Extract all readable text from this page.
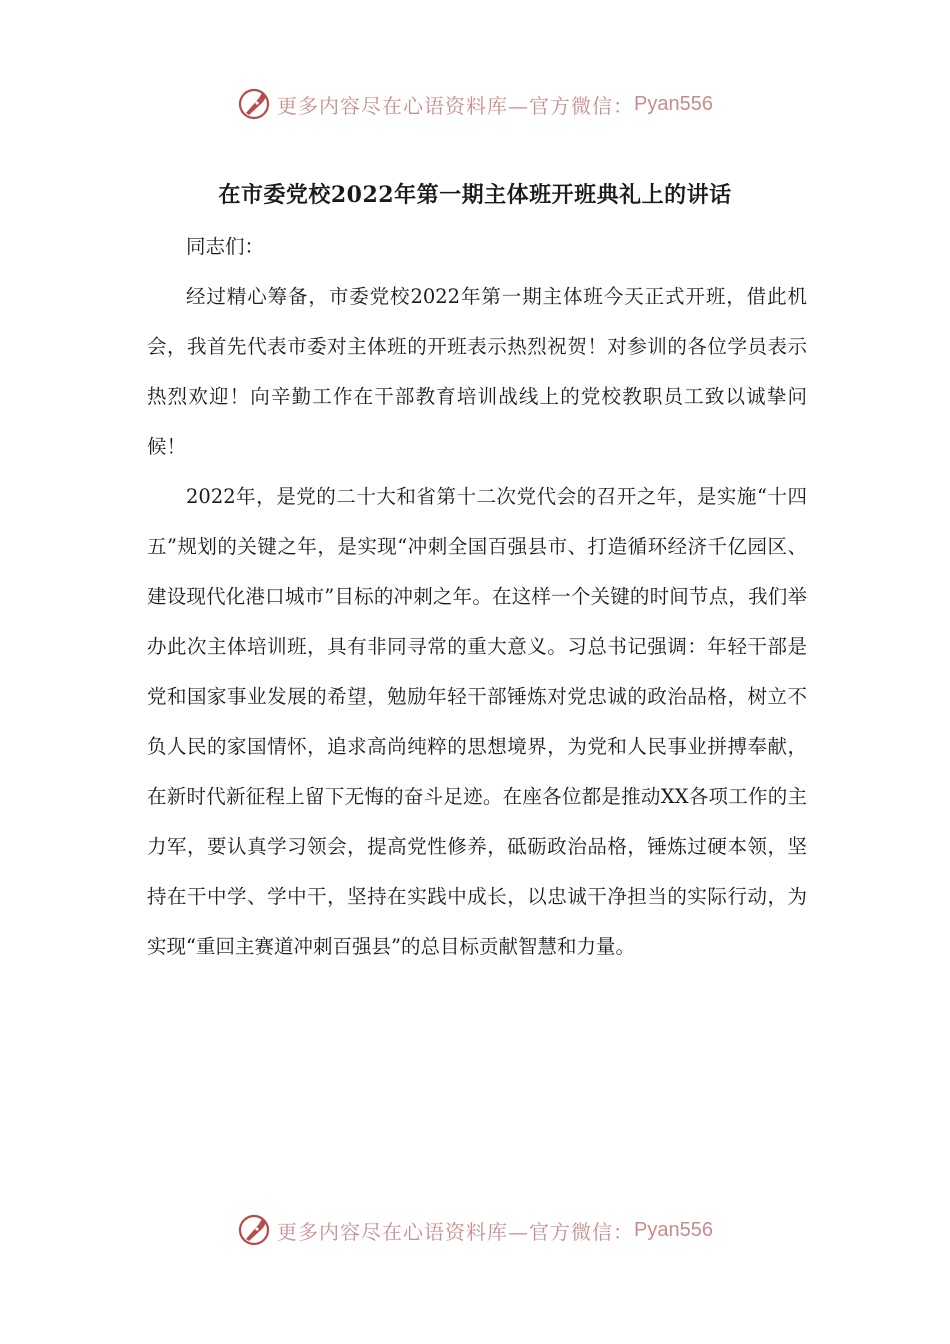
更多内容尽在心语资料库—官方微信： Pyan556
在市委党校2022年第一期主体班开班典礼上的讲话

同志们：

经过精心筹备，市委党校2022年第一期主体班今天正式开班，借此机会，我首先代表市委对主体班的开班表示热烈祝贺！对参训的各位学员表示热烈欢迎！向辛勤工作在干部教育培训战线上的党校教职员工致以诚挚问候！

2022年，是党的二十大和省第十二次党代会的召开之年，是实施“十四五”规划的关键之年，是实现“冲刺全国百强县市、打造循环经济千亿园区、建设现代化港口城市”目标的冲刺之年。在这样一个关键的时间节点，我们举办此次主体培训班，具有非同寻常的重大意义。习总书记强调：年轻干部是党和国家事业发展的希望，勉励年轻干部锤炼对党忠诚的政治品格，树立不负人民的家国情怀，追求高尚纯粹的思想境界，为党和人民事业拼搏奉献，在新时代新征程上留下无悔的奋斗足迹。在座各位都是推动XX各项工作的主力军，要认真学习领会，提高党性修养，砥砺政治品格，锤炼过硬本领，坚持在干中学、学中干，坚持在实践中成长，以忠诚干净担当的实际行动，为实现“重回主赛道冲刺百强县”的总目标贡献智慧和力量。

更多内容尽在心语资料库—官方微信： Pyan556
